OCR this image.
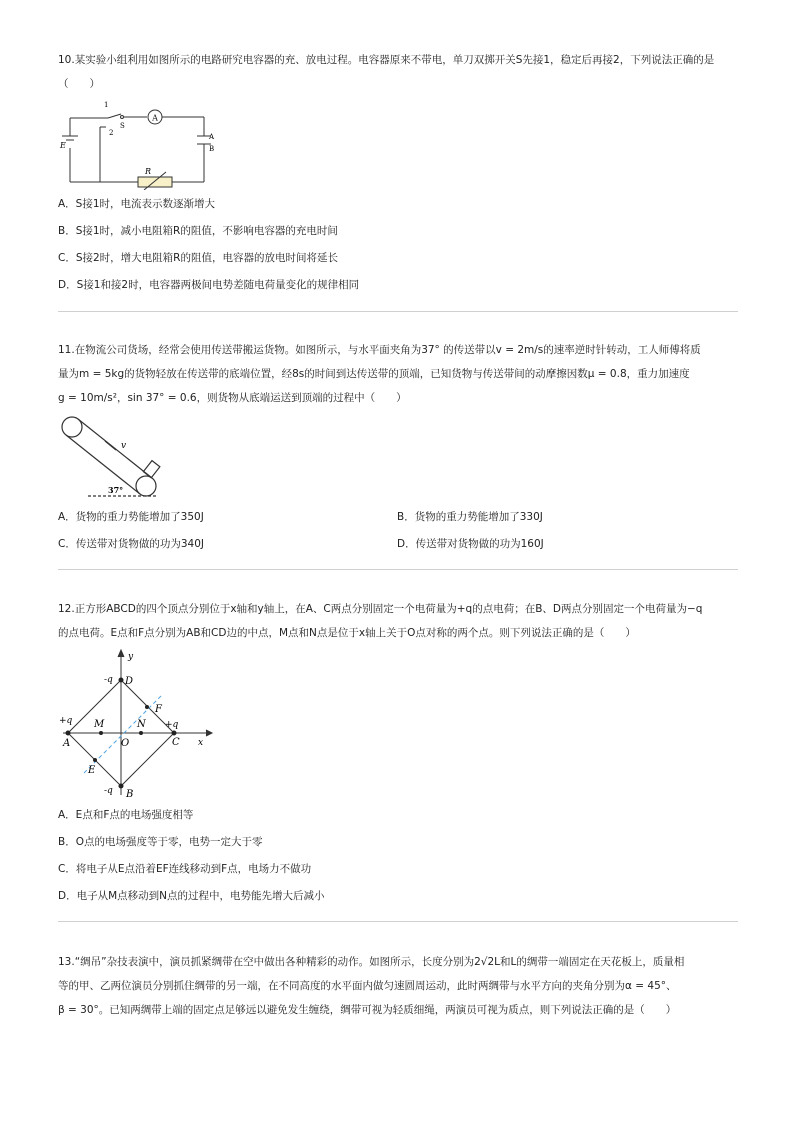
10.某实验小组利用如图所示的电路研究电容器的充、放电过程。电容器原来不带电，单刀双掷开关S先接1，稳定后再接2，下列说法正确的是（　　）

A
E
1
S
2	A
B
R
A．S接1时，电流表示数逐渐增大
B．S接1时，减小电阻箱R的阻值，不影响电容器的充电时间
C．S接2时，增大电阻箱R的阻值，电容器的放电时间将延长
D．S接1和接2时，电容器两极间电势差随电荷量变化的规律相同

11.在物流公司货场，经常会使用传送带搬运货物。如图所示，与水平面夹角为37° 的传送带以v = 2m/s的速率逆时针转动，工人师傅将质

量为m = 5kg的货物轻放在传送带的底端位置，经8s的时间到达传送带的顶端，已知货物与传送带间的动摩擦因数μ = 0.8，重力加速度

g = 10m/s²，sin 37° = 0.6，则货物从底端运送到顶端的过程中（　　）

v
37°
A．货物的重力势能增加了350J	B．货物的重力势能增加了330J
C．传送带对货物做的功为340J	D．传送带对货物做的功为160J

12.正方形ABCD的四个顶点分别位于x轴和y轴上，在A、C两点分别固定一个电荷量为+q的点电荷；在B、D两点分别固定一个电荷量为−q

的点电荷。E点和F点分别为AB和CD边的中点，M点和N点是位于x轴上关于O点对称的两个点。则下列说法正确的是（　　）

y
x
-q
-q
+q	+q
A
B
C
D
E
F
M	N
O
A．E点和F点的电场强度相等
B．O点的电场强度等于零，电势一定大于零
C．将电子从E点沿着EF连线移动到F点，电场力不做功
D．电子从M点移动到N点的过程中，电势能先增大后减小

13.“绸吊”杂技表演中，演员抓紧绸带在空中做出各种精彩的动作。如图所示，长度分别为2√2L和L的绸带一端固定在天花板上，质量相

等的甲、乙两位演员分别抓住绸带的另一端，在不同高度的水平面内做匀速圆周运动，此时两绸带与水平方向的夹角分别为α = 45°、

β = 30°。已知两绸带上端的固定点足够远以避免发生缠绕，绸带可视为轻质细绳，两演员可视为质点，则下列说法正确的是（　　）
